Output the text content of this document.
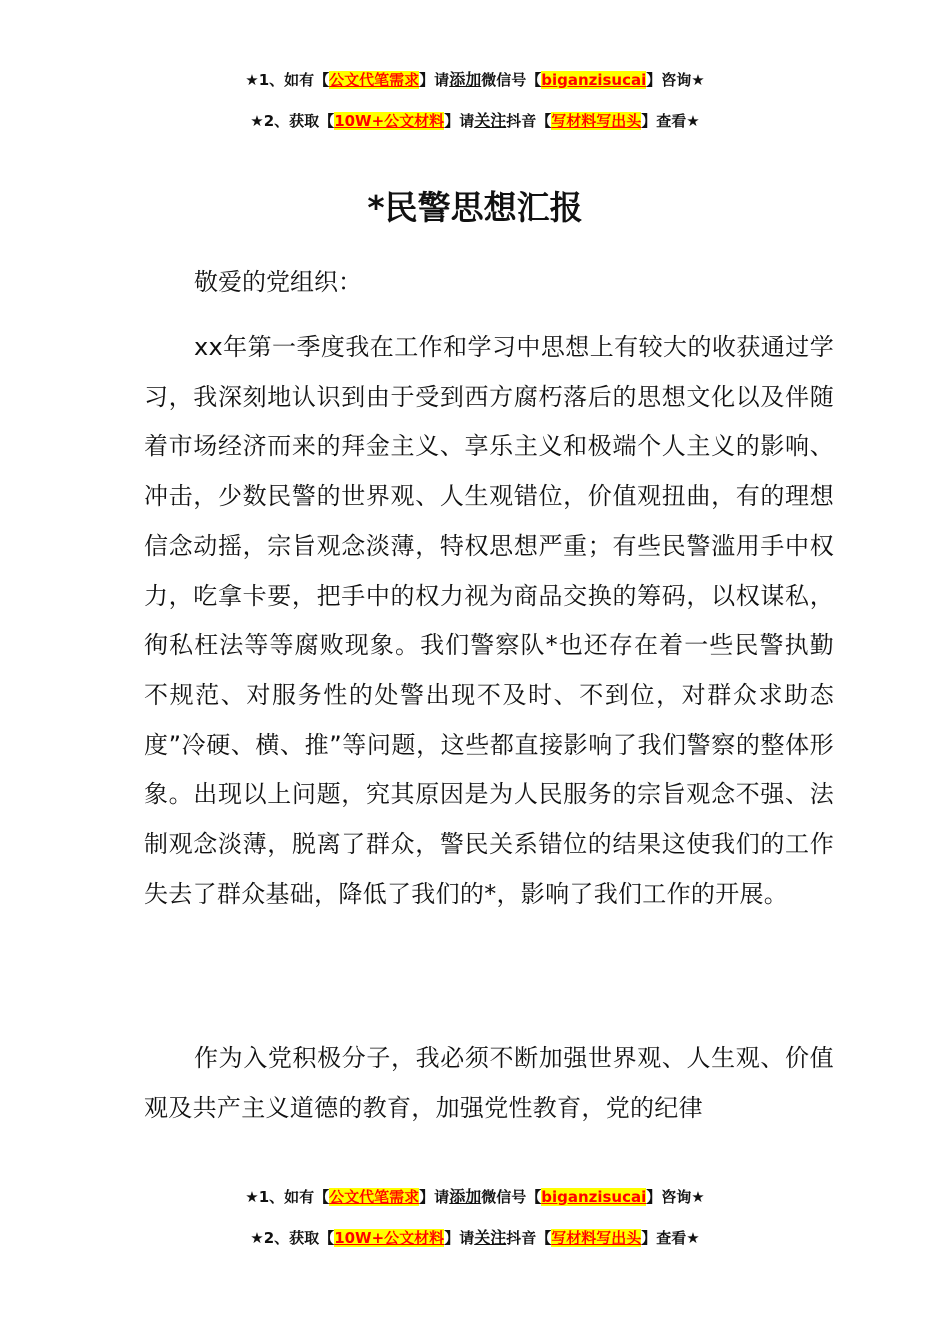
★1、如有【公文代笔需求】请添加微信号【biganzisucai】咨询★
★2、获取【10W+公文材料】请关注抖音【写材料写出头】查看★
*民警思想汇报

敬爱的党组织：

xx年第一季度我在工作和学习中思想上有较大的收获通过学习，我深刻地认识到由于受到西方腐朽落后的思想文化以及伴随着市场经济而来的拜金主义、享乐主义和极端个人主义的影响、冲击，少数民警的世界观、人生观错位，价值观扭曲，有的理想信念动摇，宗旨观念淡薄，特权思想严重；有些民警滥用手中权力，吃拿卡要，把手中的权力视为商品交换的筹码，以权谋私，徇私枉法等等腐败现象。我们警察队*也还存在着一些民警执勤不规范、对服务性的处警出现不及时、不到位，对群众求助态度”冷硬、横、推”等问题，这些都直接影响了我们警察的整体形象。出现以上问题，究其原因是为人民服务的宗旨观念不强、法制观念淡薄，脱离了群众，警民关系错位的结果这使我们的工作失去了群众基础，降低了我们的*，影响了我们工作的开展。

作为入党积极分子，我必须不断加强世界观、人生观、价值观及共产主义道德的教育，加强党性教育，党的纪律

★1、如有【公文代笔需求】请添加微信号【biganzisucai】咨询★
★2、获取【10W+公文材料】请关注抖音【写材料写出头】查看★
